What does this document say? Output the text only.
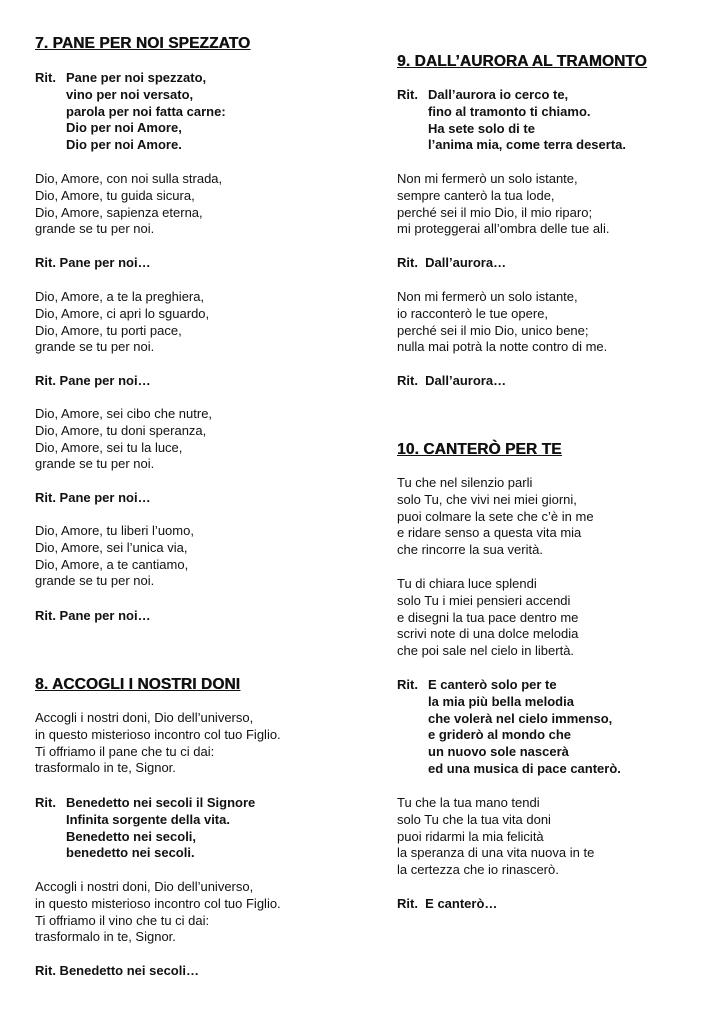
7. PANE PER NOI SPEZZATO
Rit. Pane per noi spezzato,
vino per noi versato,
parola per noi fatta carne:
Dio per noi Amore,
Dio per noi Amore.
Dio, Amore, con noi sulla strada,
Dio, Amore, tu guida sicura,
Dio, Amore, sapienza eterna,
grande se tu per noi.
Rit. Pane per noi…
Dio, Amore, a te la preghiera,
Dio, Amore, ci apri lo sguardo,
Dio, Amore, tu porti pace,
grande se tu per noi.
Rit. Pane per noi…
Dio, Amore, sei cibo che nutre,
Dio, Amore, tu doni speranza,
Dio, Amore, sei tu la luce,
grande se tu per noi.
Rit. Pane per noi…
Dio, Amore, tu liberi l’uomo,
Dio, Amore, sei l’unica via,
Dio, Amore, a te cantiamo,
grande se tu per noi.
Rit. Pane per noi…
8. ACCOGLI I NOSTRI DONI
Accogli i nostri doni, Dio dell’universo,
in questo misterioso incontro col tuo Figlio.
Ti offriamo il pane che tu ci dai:
trasformalo in te, Signor.
Rit. Benedetto nei secoli il Signore
Infinita sorgente della vita.
Benedetto nei secoli,
benedetto nei secoli.
Accogli i nostri doni, Dio dell’universo,
in questo misterioso incontro col tuo Figlio.
Ti offriamo il vino che tu ci dai:
trasformalo in te, Signor.
Rit. Benedetto nei secoli…
9. DALL’AURORA AL TRAMONTO
Rit. Dall’aurora io cerco te,
fino al tramonto ti chiamo.
Ha sete solo di te
l’anima mia, come terra deserta.
Non mi fermerò un solo istante,
sempre canterò la tua lode,
perché sei il mio Dio, il mio riparo;
mi proteggerai all’ombra delle tue ali.
Rit.  Dall’aurora…
Non mi fermerò un solo istante,
io racconterò le tue opere,
perché sei il mio Dio, unico bene;
nulla mai potrà la notte contro di me.
Rit.  Dall’aurora…
10. CANTERÒ PER TE
Tu che nel silenzio parli
solo Tu, che vivi nei miei giorni,
puoi colmare la sete che c’è in me
e ridare senso a questa vita mia
che rincorre la sua verità.
Tu di chiara luce splendi
solo Tu i miei pensieri accendi
e disegni la tua pace dentro me
scrivi note di una dolce melodia
che poi sale nel cielo in libertà.
Rit. E canterò solo per te
la mia più bella melodia
che volerà nel cielo immenso,
e griderò al mondo che
un nuovo sole nascerà
ed una musica di pace canterò.
Tu che la tua mano tendi
solo Tu che la tua vita doni
puoi ridarmi la mia felicità
la speranza di una vita nuova in te
la certezza che io rinascerò.
Rit.  E canterò…
